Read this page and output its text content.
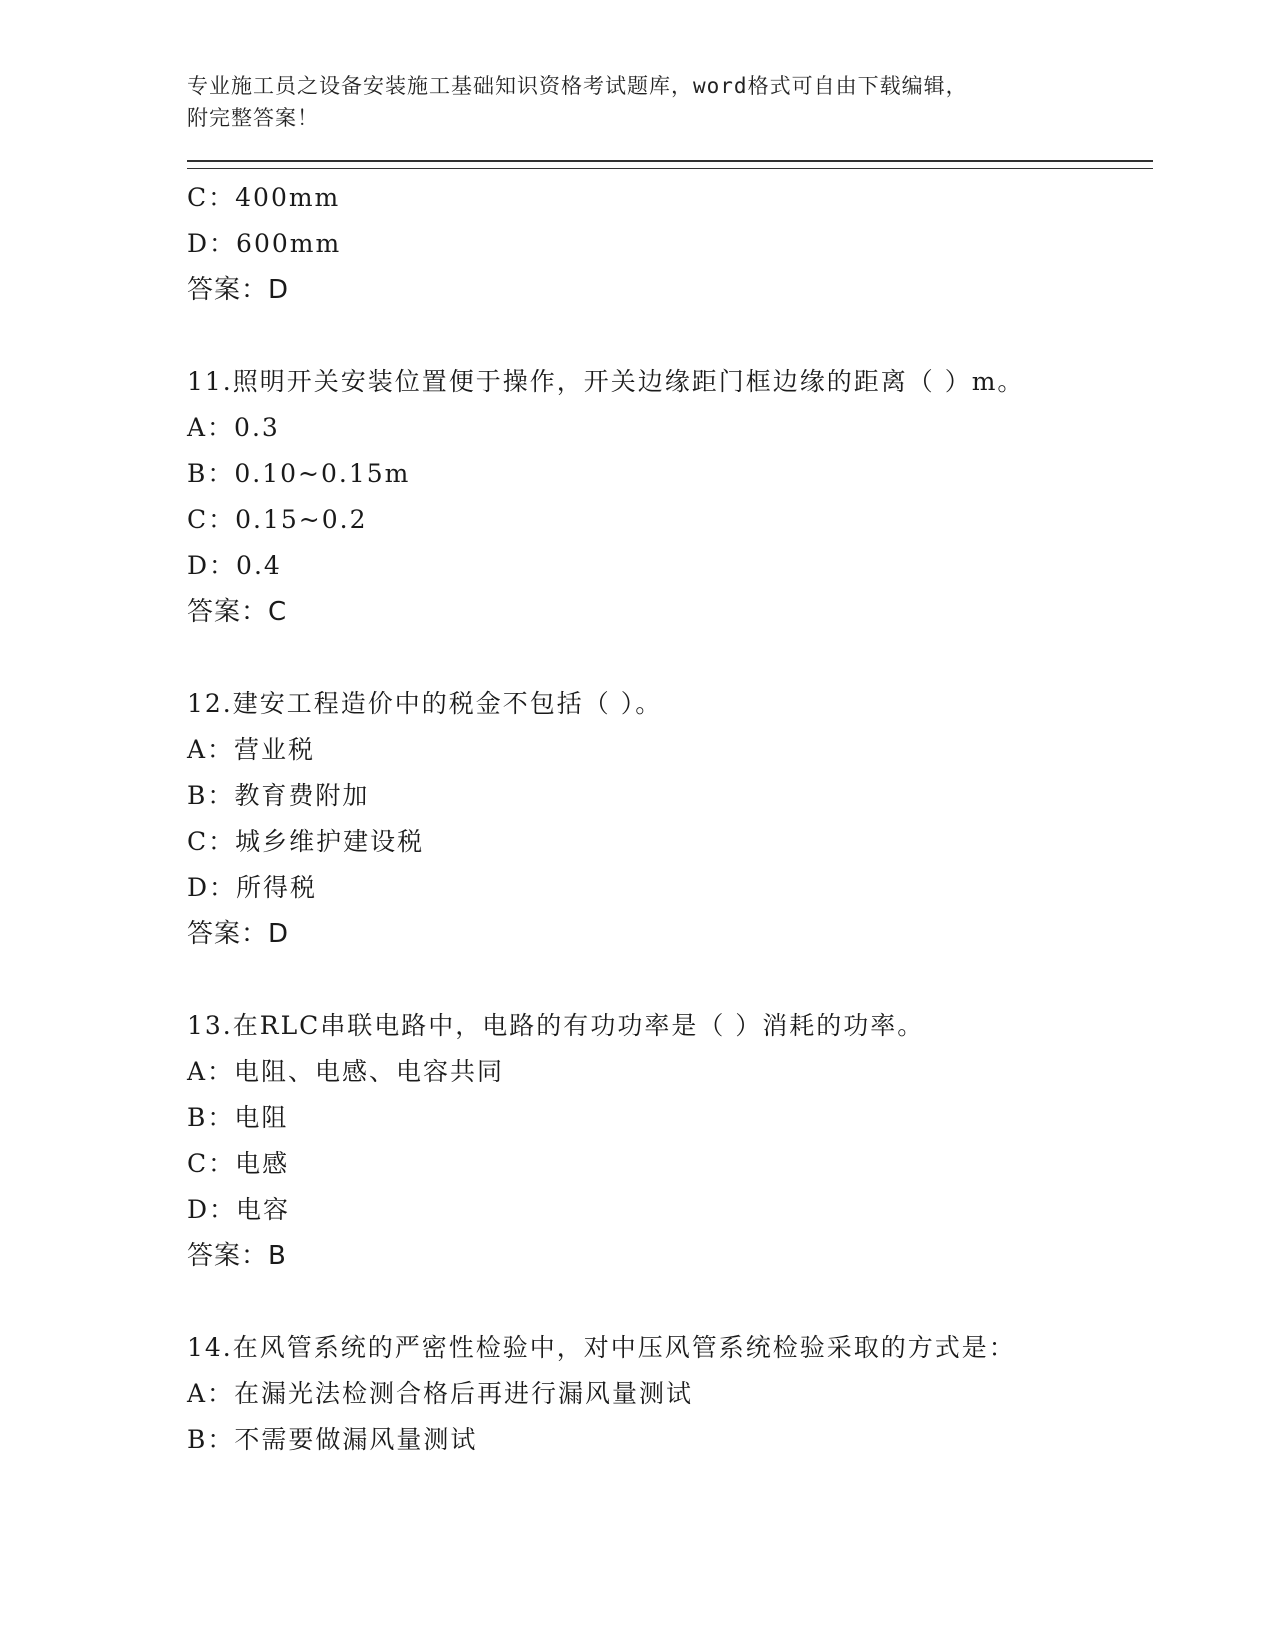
专业施工员之设备安装施工基础知识资格考试题库，word格式可自由下载编辑，
附完整答案！
C：400mm
D：600mm
答案：D
11.照明开关安装位置便于操作，开关边缘距门框边缘的距离（ ）m。
A：0.3
B：0.10~0.15m
C：0.15~0.2
D：0.4
答案：C
12.建安工程造价中的税金不包括（ ）。
A：营业税
B：教育费附加
C：城乡维护建设税
D：所得税
答案：D
13.在RLC串联电路中，电路的有功功率是（ ）消耗的功率。
A：电阻、电感、电容共同
B：电阻
C：电感
D：电容
答案：B
14.在风管系统的严密性检验中，对中压风管系统检验采取的方式是：
A：在漏光法检测合格后再进行漏风量测试
B：不需要做漏风量测试
